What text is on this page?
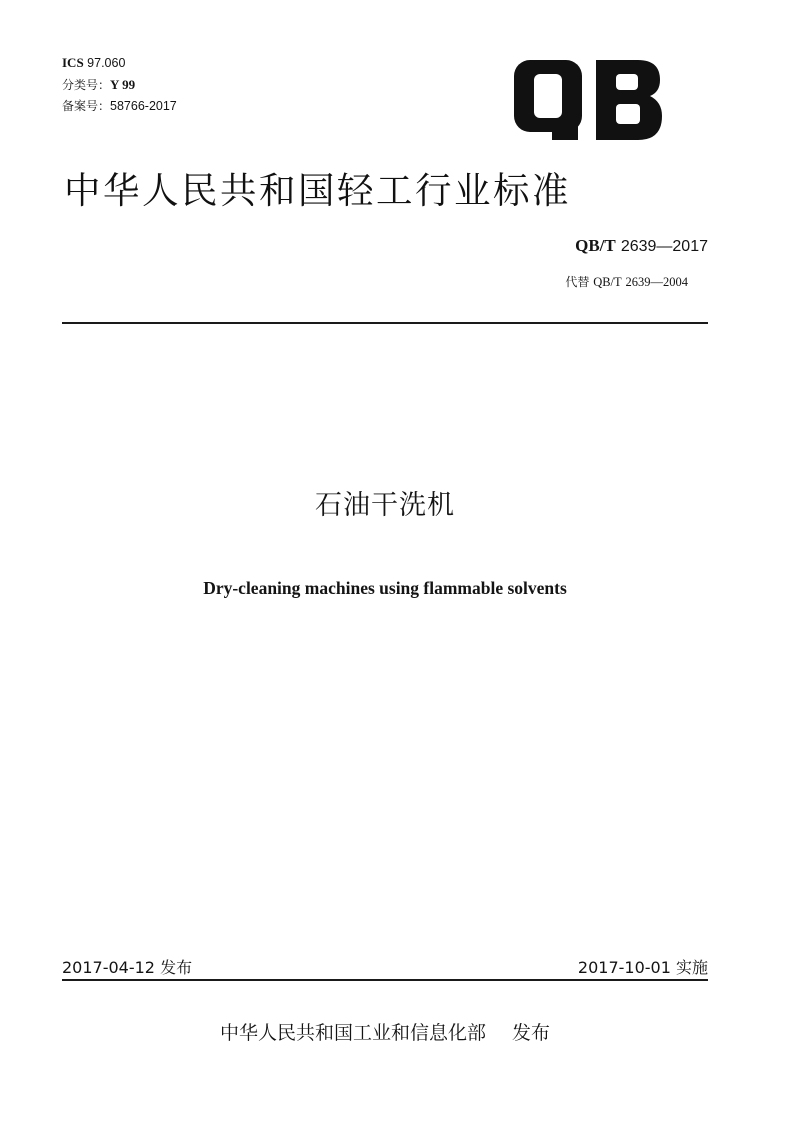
ICS 97.060
分类号：Y 99
备案号：58766-2017
中华人民共和国轻工行业标准
QB/T 2639—2017
代替 QB/T 2639—2004
石油干洗机
Dry-cleaning machines using flammable solvents
2017-04-12 发布	2017-10-01 实施
中华人民共和国工业和信息化部 发布
